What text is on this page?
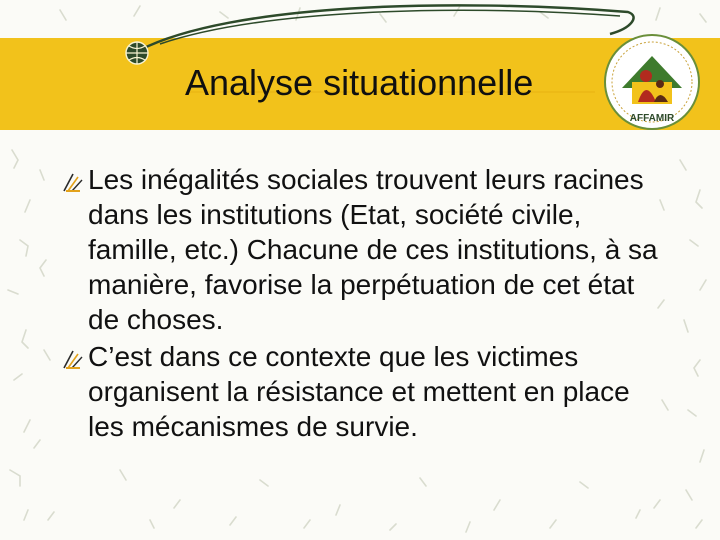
Analyse situationnelle
AFFAMIR
Les inégalités sociales trouvent leurs racines dans les institutions (Etat, société civile, famille, etc.) Chacune de ces institutions, à sa manière, favorise la perpétuation de cet état de choses.
C’est dans ce contexte que les victimes organisent la résistance et mettent en place les mécanismes de survie.
